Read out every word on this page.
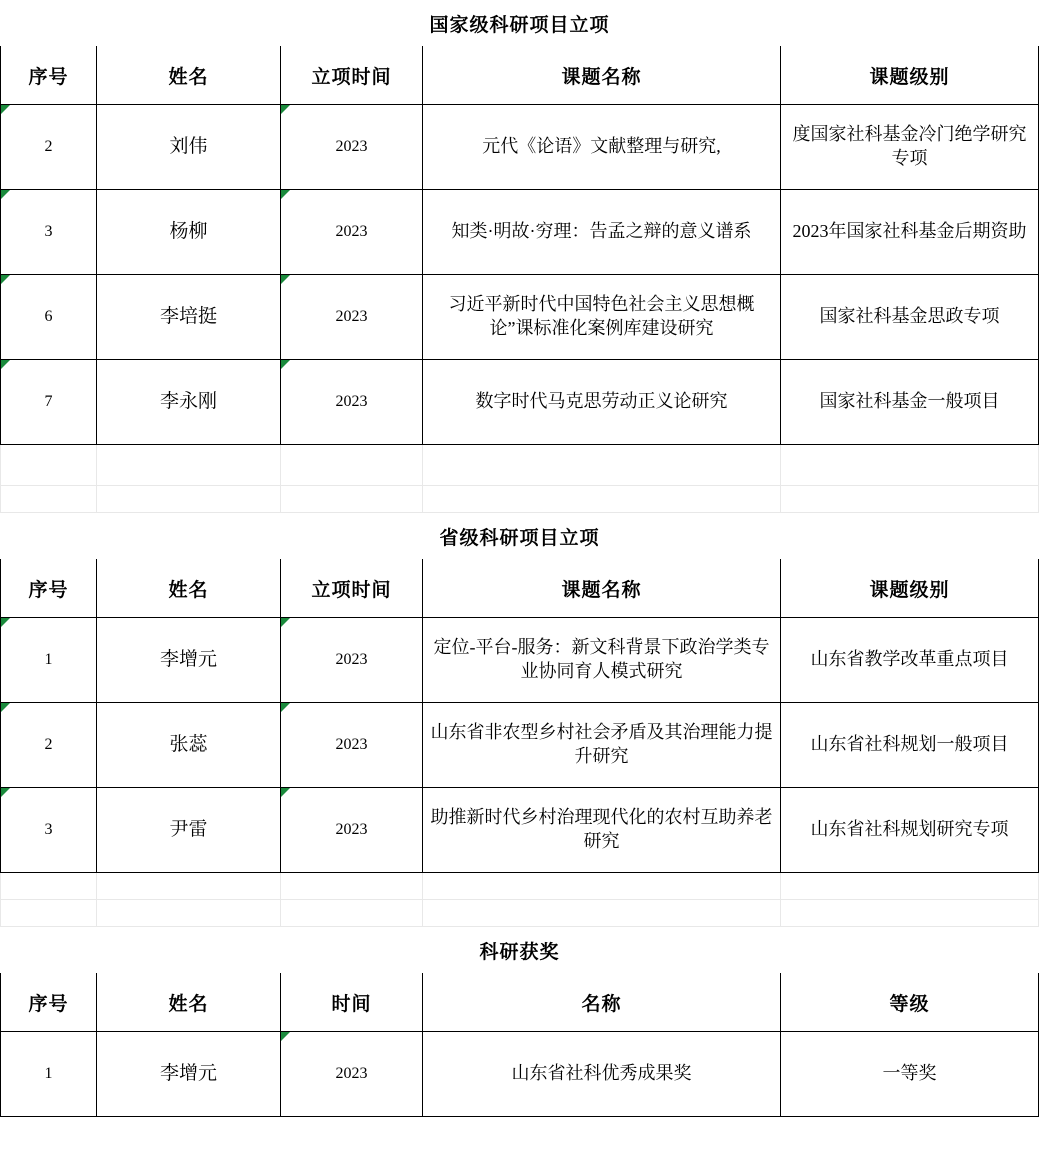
国家级科研项目立项				
序号	姓名	立项时间	课题名称	课题级别
2	刘伟	2023	元代《论语》文献整理与研究,	度国家社科基金冷门绝学研究专项
3	杨柳	2023	知类·明故·穷理：告孟之辩的意义谱系	2023年国家社科基金后期资助
6	李培挺	2023	习近平新时代中国特色社会主义思想概论”课标准化案例库建设研究	国家社科基金思政专项
7	李永刚	2023	数字时代马克思劳动正义论研究	国家社科基金一般项目

省级科研项目立项				
序号	姓名	立项时间	课题名称	课题级别
1	李增元	2023	定位-平台-服务：新文科背景下政治学类专业协同育人模式研究	山东省教学改革重点项目
2	张蕊	2023	山东省非农型乡村社会矛盾及其治理能力提升研究	山东省社科规划一般项目
3	尹雷	2023	助推新时代乡村治理现代化的农村互助养老研究	山东省社科规划研究专项

科研获奖				
序号	姓名	时间	名称	等级
1	李增元	2023	山东省社科优秀成果奖	一等奖
